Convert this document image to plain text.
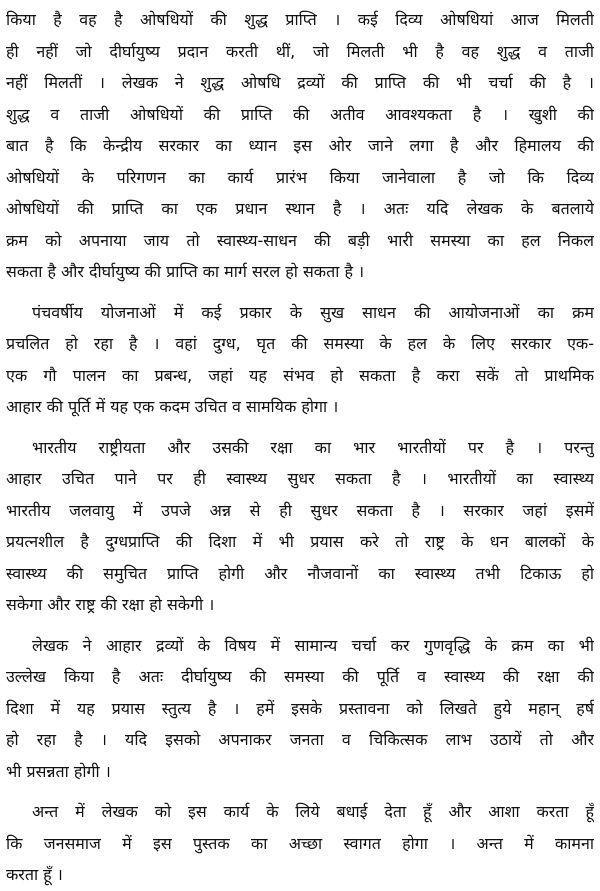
किया है वह है ओषधियों की शुद्ध प्राप्ति । कई दिव्य ओषधियां आज मिलती
ही नहीं जो दीर्घायुष्य प्रदान करती थीं, जो मिलती भी है वह शुद्ध व ताजी
नहीं मिलतीं । लेखक ने शुद्ध ओषधि द्रव्यों की प्राप्ति की भी चर्चा की है ।
शुद्ध व ताजी ओषधियों की प्राप्ति की अतीव आवश्यकता है । खुशी की
बात है कि केन्द्रीय सरकार का ध्यान इस ओर जाने लगा है और हिमालय की
ओषधियों के परिगणन का कार्य प्रारंभ किया जानेवाला है जो कि दिव्य
ओषधियों की प्राप्ति का एक प्रधान स्थान है । अतः यदि लेखक के बतलाये
क्रम को अपनाया जाय तो स्वास्थ्य-साधन की बड़ी भारी समस्या का हल निकल
सकता है और दीर्घायुष्य की प्राप्ति का मार्ग सरल हो सकता है ।
पंचवर्षीय योजनाओं में कई प्रकार के सुख साधन की आयोजनाओं का क्रम
प्रचलित हो रहा है । वहां दुग्ध, घृत की समस्या के हल के लिए सरकार एक-
एक गौ पालन का प्रबन्ध, जहां यह संभव हो सकता है करा सकें तो प्राथमिक
आहार की पूर्ति में यह एक कदम उचित व सामयिक होगा ।
भारतीय राष्ट्रीयता और उसकी रक्षा का भार भारतीयों पर है । परन्तु
आहार उचित पाने पर ही स्वास्थ्य सुधर सकता है । भारतीयों का स्वास्थ्य
भारतीय जलवायु में उपजे अन्न से ही सुधर सकता है । सरकार जहां इसमें
प्रयत्नशील है दुग्धप्राप्ति की दिशा में भी प्रयास करे तो राष्ट्र के धन बालकों के
स्वास्थ्य की समुचित प्राप्ति होगी और नौजवानों का स्वास्थ्य तभी टिकाऊ हो
सकेगा और राष्ट्र की रक्षा हो सकेगी ।
लेखक ने आहार द्रव्यों के विषय में सामान्य चर्चा कर गुणवृद्धि के क्रम का भी
उल्लेख किया है अतः दीर्घायुष्य की समस्या की पूर्ति व स्वास्थ्य की रक्षा की
दिशा में यह प्रयास स्तुत्य है । हमें इसके प्रस्तावना को लिखते हुये महान् हर्ष
हो रहा है । यदि इसको अपनाकर जनता व चिकित्सक लाभ उठायें तो और
भी प्रसन्नता होगी ।
अन्त में लेखक को इस कार्य के लिये बधाई देता हूँ और आशा करता हूँ
कि जनसमाज में इस पुस्तक का अच्छा स्वागत होगा । अन्त में कामना
करता हूँ ।
